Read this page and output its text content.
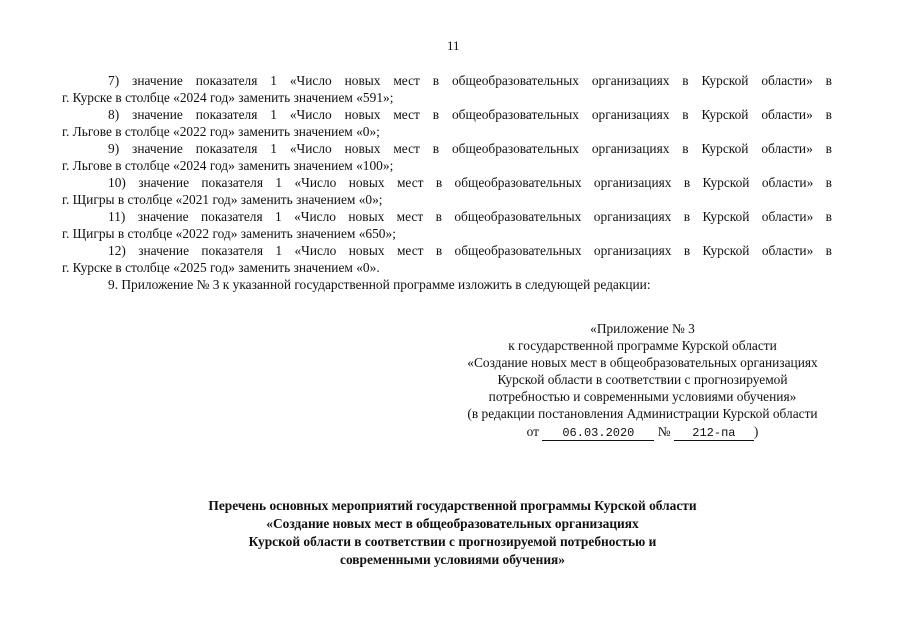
11
7) значение показателя 1 «Число новых мест в общеобразовательных организациях в Курской области» в
г. Курске в столбце «2024 год» заменить значением «591»;
8) значение показателя 1 «Число новых мест в общеобразовательных организациях в Курской области» в
г. Льгове в столбце «2022 год» заменить значением «0»;
9) значение показателя 1 «Число новых мест в общеобразовательных организациях в Курской области» в
г. Льгове в столбце «2024 год» заменить значением «100»;
10) значение показателя 1 «Число новых мест в общеобразовательных организациях в Курской области» в
г. Щигры в столбце «2021 год» заменить значением «0»;
11) значение показателя 1 «Число новых мест в общеобразовательных организациях в Курской области» в
г. Щигры в столбце «2022 год» заменить значением «650»;
12) значение показателя 1 «Число новых мест в общеобразовательных организациях в Курской области» в
г. Курске в столбце «2025 год» заменить значением «0».
9. Приложение № 3 к указанной государственной программе изложить в следующей редакции:
«Приложение № 3
к государственной программе Курской области
«Создание новых мест в общеобразовательных организациях
Курской области в соответствии с прогнозируемой
потребностью и современными условиями обучения»
(в редакции постановления Администрации Курской области
от 06.03.2020 № 212-па )
Перечень основных мероприятий государственной программы Курской области
«Создание новых мест в общеобразовательных организациях
Курской области в соответствии с прогнозируемой потребностью и
современными условиями обучения»
